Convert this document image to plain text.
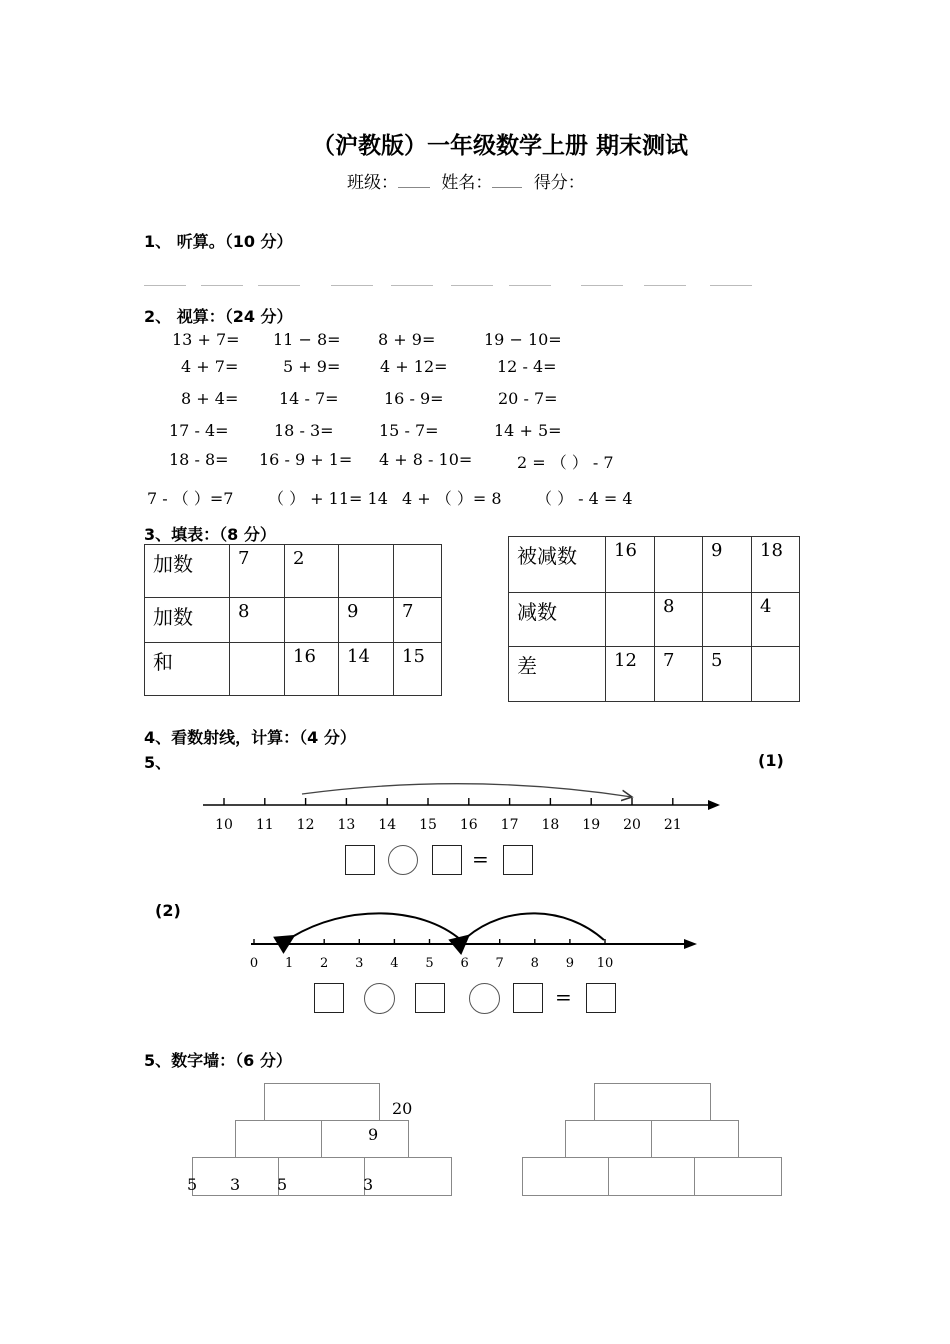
（沪教版）一年级数学上册 期末测试
班级：	姓名： 得分：
1、 听算。（10 分）
2、 视算：（24 分）
13 + 7= 11 − 8= 8 + 9=	19 − 10=
4 + 7=	5 + 9= 4 + 12=	12 - 4=
8 + 4=	14 - 7=	16 - 9=	20 - 7=
17 - 4=	18 - 3=	15 - 7=	14 + 5=
18 - 8= 16 - 9 + 1= 4 + 8 - 10=	2 = （ ） - 7
7 - （ ）=7 （ ） + 11= 14 4 + （ ）= 8 （ ） - 4 = 4
3、填表：（8 分）
加数	7	2		

加数	8		9	7

和		16	14	15
被减数	16		9	18

减数		8		4

差	12	7	5	

4、看数射线，计算：（4 分）
5、	(1)
10 11 12 13 14 15 16 17 18 19 20 21
=
(2)
0 1 2 3 4 5 6 7 8 9 10
=
5、数字墙：（6 分）
20
9
5 3 5	3
